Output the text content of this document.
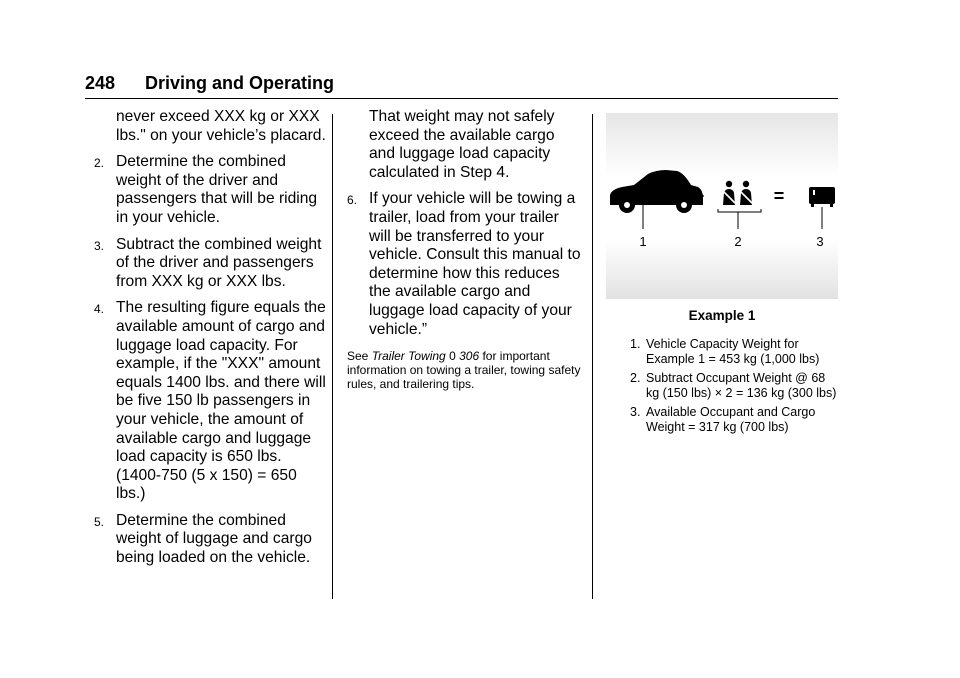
248 Driving and Operating

never exceed XXX kg or XXX lbs." on your vehicle’s placard.

2. Determine the combined weight of the driver and passengers that will be riding in your vehicle.
3. Subtract the combined weight of the driver and passengers from XXX kg or XXX lbs.
4. The resulting figure equals the available amount of cargo and luggage load capacity. For example, if the "XXX" amount equals 1400 lbs. and there will be five 150 lb passengers in your vehicle, the amount of available cargo and luggage load capacity is 650 lbs. (1400-750 (5 x 150) = 650 lbs.)
5. Determine the combined weight of luggage and cargo being loaded on the vehicle.

That weight may not safely exceed the available cargo and luggage load capacity calculated in Step 4.

6. If your vehicle will be towing a trailer, load from your trailer will be transferred to your vehicle. Consult this manual to determine how this reduces the available cargo and luggage load capacity of your vehicle.”
See Trailer Towing 0 306 for important information on towing a trailer, towing safety rules, and trailering tips.
1
−
2
=
3
Example 1
1. Vehicle Capacity Weight for Example 1 = 453 kg (1,000 lbs)
2. Subtract Occupant Weight @ 68 kg (150 lbs) × 2 = 136 kg (300 lbs)
3. Available Occupant and Cargo Weight = 317 kg (700 lbs)
